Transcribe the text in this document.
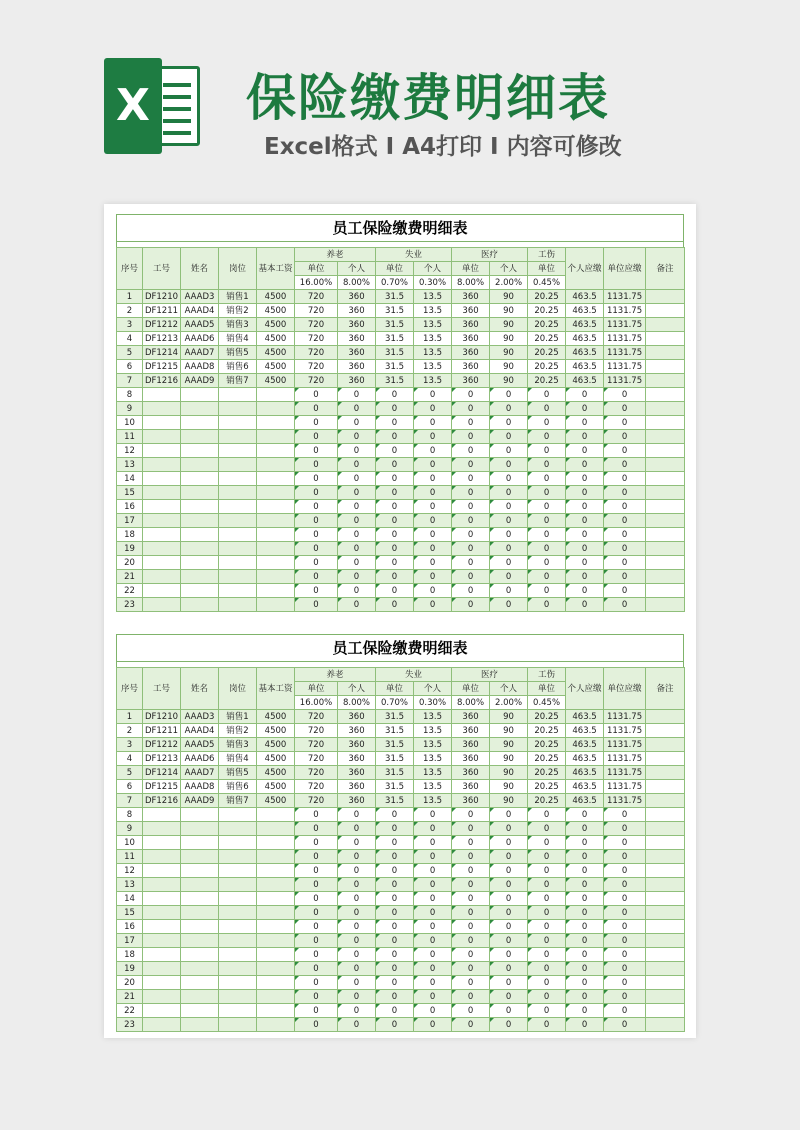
X 保险缴费明细表
Excel格式 Ι A4打印 Ι 内容可修改
员工保险缴费明细表
序号	工号	姓名	岗位	基本工资	养老		失业		医疗		工伤	个人应缴	单位应缴	备注
					单位	个人	单位	个人	单位	个人	单位			
					16.00%	8.00%	0.70%	0.30%	8.00%	2.00%	0.45%			
1	DF1210	AAAD3	销售1	4500	720	360	31.5	13.5	360	90	20.25	463.5	1131.75	
2	DF1211	AAAD4	销售2	4500	720	360	31.5	13.5	360	90	20.25	463.5	1131.75	
3	DF1212	AAAD5	销售3	4500	720	360	31.5	13.5	360	90	20.25	463.5	1131.75	
4	DF1213	AAAD6	销售4	4500	720	360	31.5	13.5	360	90	20.25	463.5	1131.75	
5	DF1214	AAAD7	销售5	4500	720	360	31.5	13.5	360	90	20.25	463.5	1131.75	
6	DF1215	AAAD8	销售6	4500	720	360	31.5	13.5	360	90	20.25	463.5	1131.75	
7	DF1216	AAAD9	销售7	4500	720	360	31.5	13.5	360	90	20.25	463.5	1131.75	
8					0	0	0	0	0	0	0	0	0	
9					0	0	0	0	0	0	0	0	0	
10					0	0	0	0	0	0	0	0	0	
11					0	0	0	0	0	0	0	0	0	
12					0	0	0	0	0	0	0	0	0	
13					0	0	0	0	0	0	0	0	0	
14					0	0	0	0	0	0	0	0	0	
15					0	0	0	0	0	0	0	0	0	
16					0	0	0	0	0	0	0	0	0	
17					0	0	0	0	0	0	0	0	0	
18					0	0	0	0	0	0	0	0	0	
19					0	0	0	0	0	0	0	0	0	
20					0	0	0	0	0	0	0	0	0	
21					0	0	0	0	0	0	0	0	0	
22					0	0	0	0	0	0	0	0	0	
23					0	0	0	0	0	0	0	0	0	
员工保险缴费明细表
序号	工号	姓名	岗位	基本工资	养老		失业		医疗		工伤	个人应缴	单位应缴	备注
					单位	个人	单位	个人	单位	个人	单位			
					16.00%	8.00%	0.70%	0.30%	8.00%	2.00%	0.45%			
1	DF1210	AAAD3	销售1	4500	720	360	31.5	13.5	360	90	20.25	463.5	1131.75	
2	DF1211	AAAD4	销售2	4500	720	360	31.5	13.5	360	90	20.25	463.5	1131.75	
3	DF1212	AAAD5	销售3	4500	720	360	31.5	13.5	360	90	20.25	463.5	1131.75	
4	DF1213	AAAD6	销售4	4500	720	360	31.5	13.5	360	90	20.25	463.5	1131.75	
5	DF1214	AAAD7	销售5	4500	720	360	31.5	13.5	360	90	20.25	463.5	1131.75	
6	DF1215	AAAD8	销售6	4500	720	360	31.5	13.5	360	90	20.25	463.5	1131.75	
7	DF1216	AAAD9	销售7	4500	720	360	31.5	13.5	360	90	20.25	463.5	1131.75	
8					0	0	0	0	0	0	0	0	0	
9					0	0	0	0	0	0	0	0	0	
10					0	0	0	0	0	0	0	0	0	
11					0	0	0	0	0	0	0	0	0	
12					0	0	0	0	0	0	0	0	0	
13					0	0	0	0	0	0	0	0	0	
14					0	0	0	0	0	0	0	0	0	
15					0	0	0	0	0	0	0	0	0	
16					0	0	0	0	0	0	0	0	0	
17					0	0	0	0	0	0	0	0	0	
18					0	0	0	0	0	0	0	0	0	
19					0	0	0	0	0	0	0	0	0	
20					0	0	0	0	0	0	0	0	0	
21					0	0	0	0	0	0	0	0	0	
22					0	0	0	0	0	0	0	0	0	
23					0	0	0	0	0	0	0	0	0	
